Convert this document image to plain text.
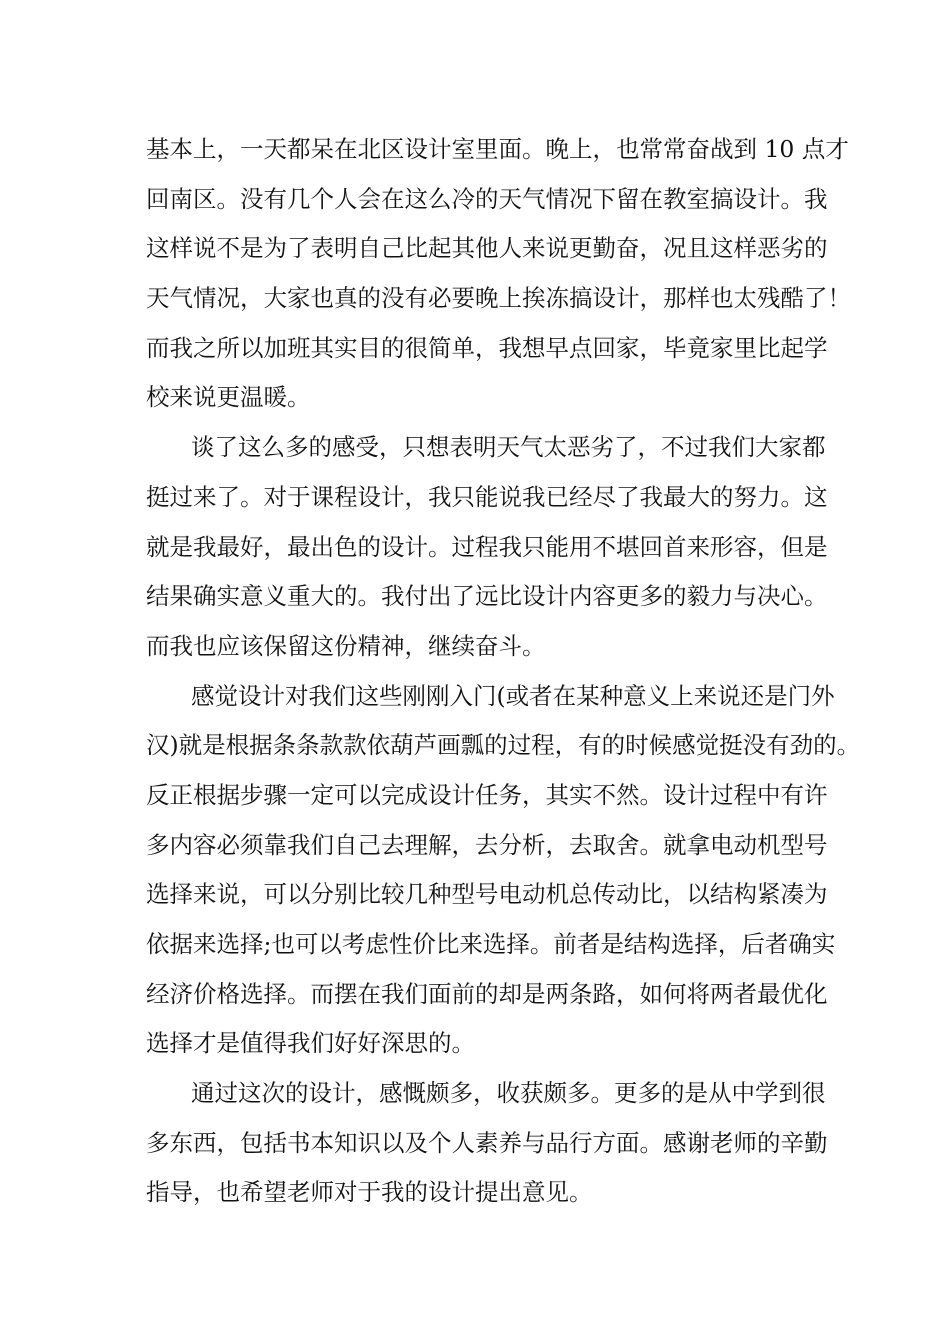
基本上，一天都呆在北区设计室里面。晚上，也常常奋战到 10 点才
回南区。没有几个人会在这么冷的天气情况下留在教室搞设计。我
这样说不是为了表明自己比起其他人来说更勤奋，况且这样恶劣的
天气情况，大家也真的没有必要晚上挨冻搞设计，那样也太残酷了！
而我之所以加班其实目的很简单，我想早点回家，毕竟家里比起学
校来说更温暖。
谈了这么多的感受，只想表明天气太恶劣了，不过我们大家都
挺过来了。对于课程设计，我只能说我已经尽了我最大的努力。这
就是我最好，最出色的设计。过程我只能用不堪回首来形容，但是
结果确实意义重大的。我付出了远比设计内容更多的毅力与决心。
而我也应该保留这份精神，继续奋斗。
感觉设计对我们这些刚刚入门(或者在某种意义上来说还是门外
汉)就是根据条条款款依葫芦画瓢的过程，有的时候感觉挺没有劲的。
反正根据步骤一定可以完成设计任务，其实不然。设计过程中有许
多内容必须靠我们自己去理解，去分析，去取舍。就拿电动机型号
选择来说，可以分别比较几种型号电动机总传动比，以结构紧凑为
依据来选择;也可以考虑性价比来选择。前者是结构选择，后者确实
经济价格选择。而摆在我们面前的却是两条路，如何将两者最优化
选择才是值得我们好好深思的。
通过这次的设计，感慨颇多，收获颇多。更多的是从中学到很
多东西，包括书本知识以及个人素养与品行方面。感谢老师的辛勤
指导，也希望老师对于我的设计提出意见。
